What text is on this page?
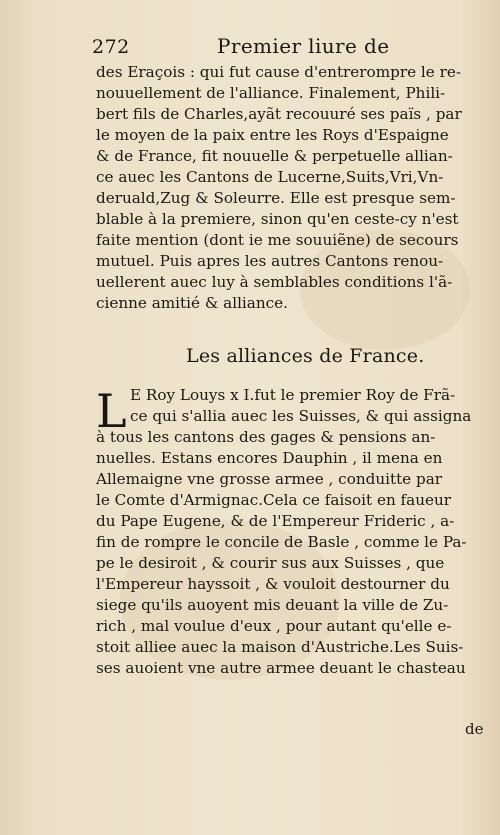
272	Premier liure de
des Eraçois : qui fut cause d'entrerompre le re-
nouuellement de l'alliance. Finalement, Phili-
bert fils de Charles,ayãt recouuré ses païs , par
le moyen de la paix entre les Roys d'Espaigne
& de France, fit nouuelle & perpetuelle allian-
ce auec les Cantons de Lucerne,Suits,Vri,Vn-
deruald,Zug & Soleurre. Elle est presque sem-
blable à la premiere, sinon qu'en ceste-cy n'est
faite mention (dont ie me souuiẽne) de secours
mutuel. Puis apres les autres Cantons renou-
uellerent auec luy à semblables conditions l'ã-
cienne amitié & alliance.
Les alliances de France.
L E Roy Louys x I.fut le premier Roy de Frã-
ce qui s'allia auec les Suisses, & qui assigna
à tous les cantons des gages & pensions an-
nuelles. Estans encores Dauphin , il mena en
Allemaigne vne grosse armee , conduitte par
le Comte d'Armignac.Cela ce faisoit en faueur
du Pape Eugene, & de l'Empereur Frideric , a-
fin de rompre le concile de Basle , comme le Pa-
pe le desiroit , & courir sus aux Suisses , que
l'Empereur hayssoit , & vouloit destourner du
siege qu'ils auoyent mis deuant la ville de Zu-
rich , mal voulue d'eux , pour autant qu'elle e-
stoit alliee auec la maison d'Austriche.Les Suis-
ses auoient vne autre armee deuant le chasteau
de
